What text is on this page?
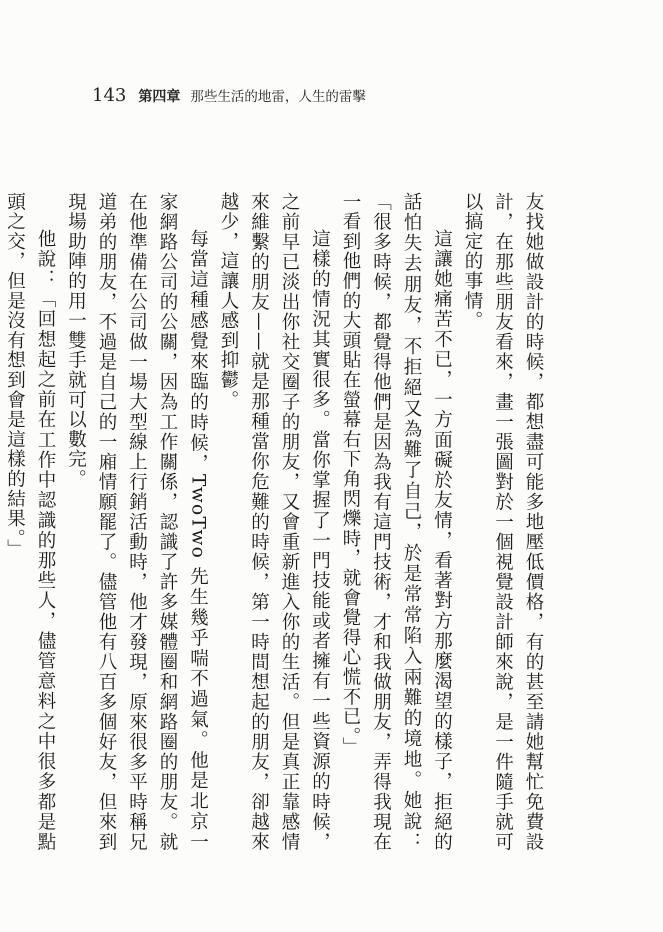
143 第四章 那些生活的地雷，人生的雷擊

友找她做設計的時候，都想盡可能多地壓低價格，有的甚至請她幫忙免費設計，在那些朋友看來，畫一張圖對於一個視覺設計師來說，是一件隨手就可以搞定的事情。

這讓她痛苦不已，一方面礙於友情，看著對方那麼渴望的樣子，拒絕的話怕失去朋友，不拒絕又為難了自己，於是常常陷入兩難的境地。她說：「很多時候，都覺得他們是因為我有這門技術，才和我做朋友，弄得我現在一看到他們的大頭貼在螢幕右下角閃爍時，就會覺得心慌不已。」

這樣的情況其實很多。當你掌握了一門技能或者擁有一些資源的時候，之前早已淡出你社交圈子的朋友，又會重新進入你的生活。但是真正靠感情來維繫的朋友——就是那種當你危難的時候，第一時間想起的朋友，卻越來越少，這讓人感到抑鬱。

每當這種感覺來臨的時候，TwoTwo 先生幾乎喘不過氣。他是北京一家網路公司的公關，因為工作關係，認識了許多媒體圈和網路圈的朋友。就在他準備在公司做一場大型線上行銷活動時，他才發現，原來很多平時稱兄道弟的朋友，不過是自己的一廂情願罷了。儘管他有八百多個好友，但來到現場助陣的用一雙手就可以數完。

他說：「回想起之前在工作中認識的那些人，儘管意料之中很多都是點頭之交，但是沒有想到會是這樣的結果。」
